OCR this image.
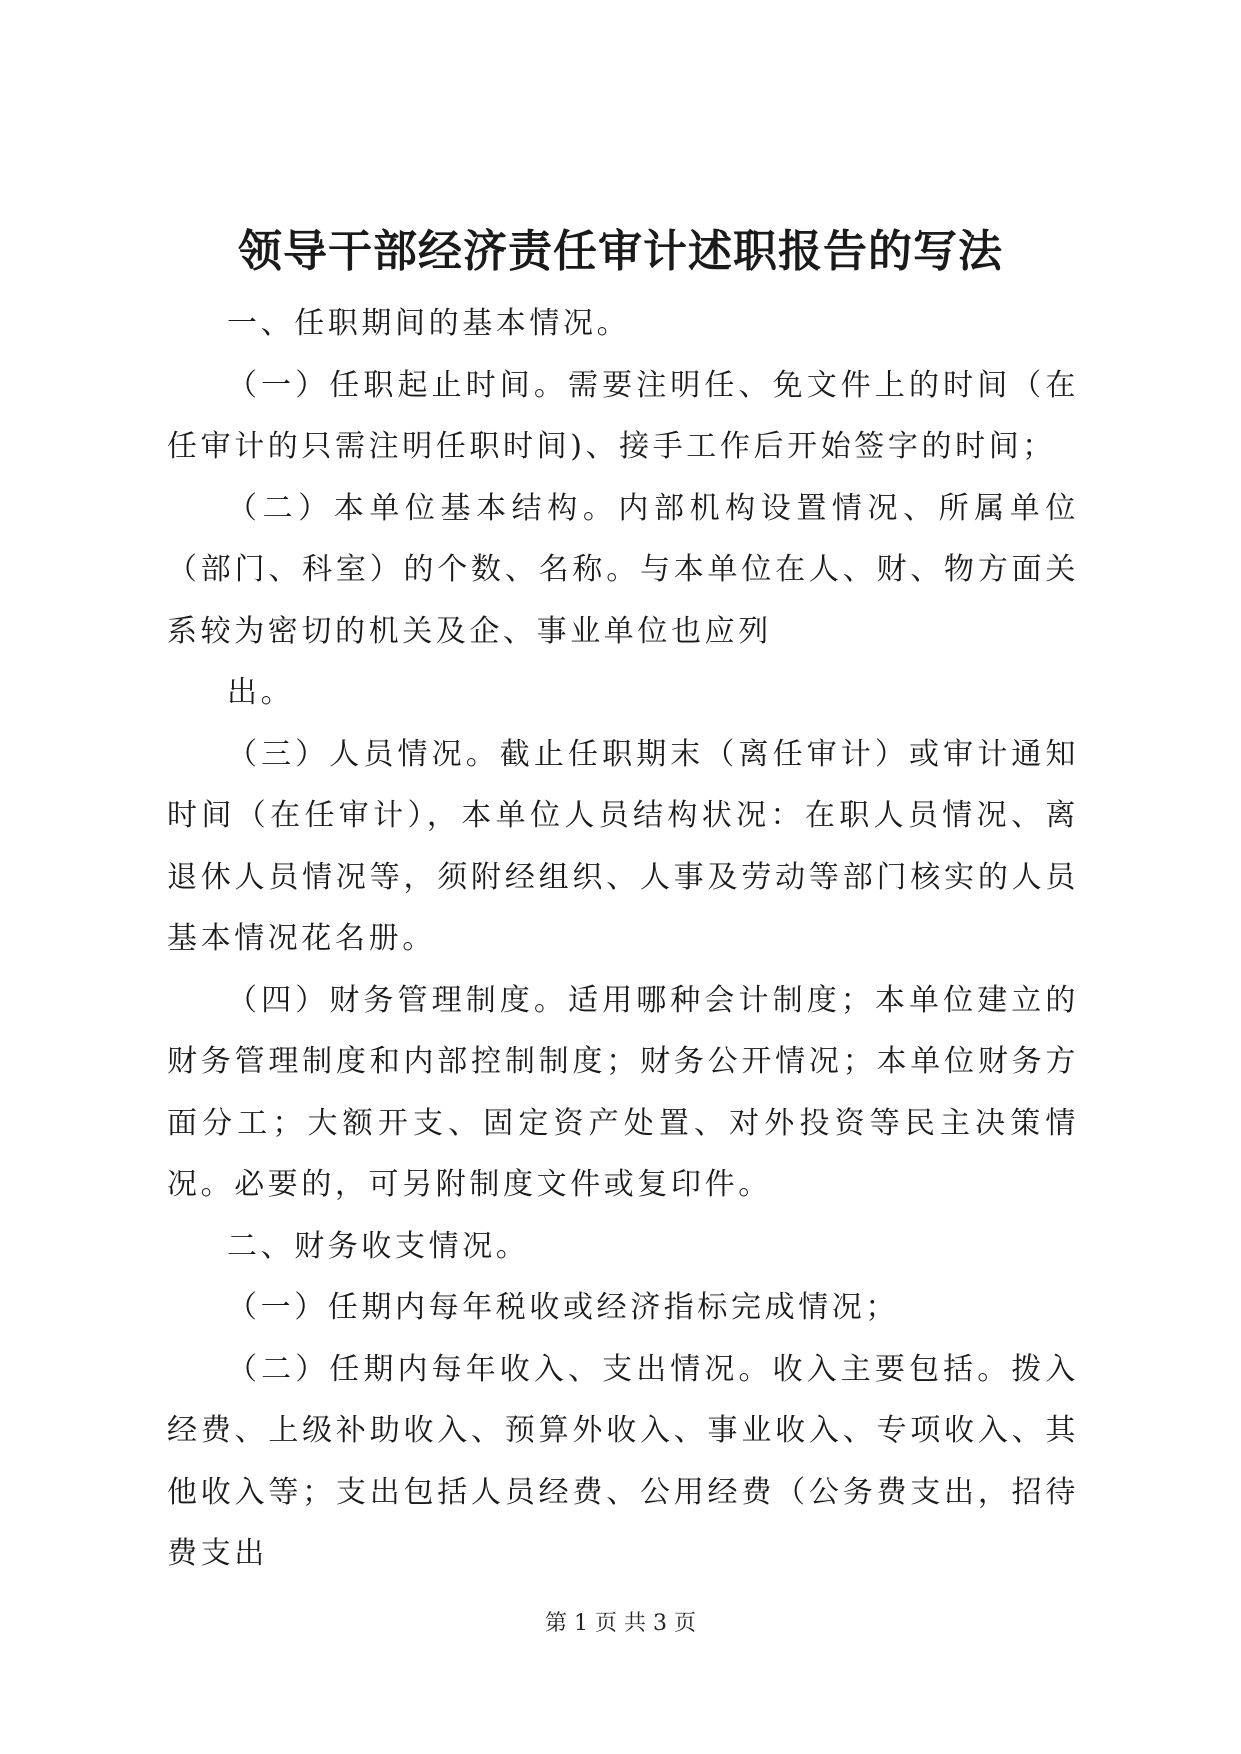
领导干部经济责任审计述职报告的写法

一、任职期间的基本情况。

（一）任职起止时间。需要注明任、免文件上的时间（在任审计的只需注明任职时间)、接手工作后开始签字的时间；

（二）本单位基本结构。内部机构设置情况、所属单位（部门、科室）的个数、名称。与本单位在人、财、物方面关系较为密切的机关及企、事业单位也应列

出。

（三）人员情况。截止任职期末（离任审计）或审计通知时间（在任审计），本单位人员结构状况：在职人员情况、离退休人员情况等，须附经组织、人事及劳动等部门核实的人员基本情况花名册。

（四）财务管理制度。适用哪种会计制度；本单位建立的财务管理制度和内部控制制度；财务公开情况；本单位财务方面分工；大额开支、固定资产处置、对外投资等民主决策情况。必要的，可另附制度文件或复印件。

二、财务收支情况。

（一）任期内每年税收或经济指标完成情况；

（二）任期内每年收入、支出情况。收入主要包括。拨入经费、上级补助收入、预算外收入、事业收入、专项收入、其他收入等；支出包括人员经费、公用经费（公务费支出，招待费支出

第 1 页 共 3 页
